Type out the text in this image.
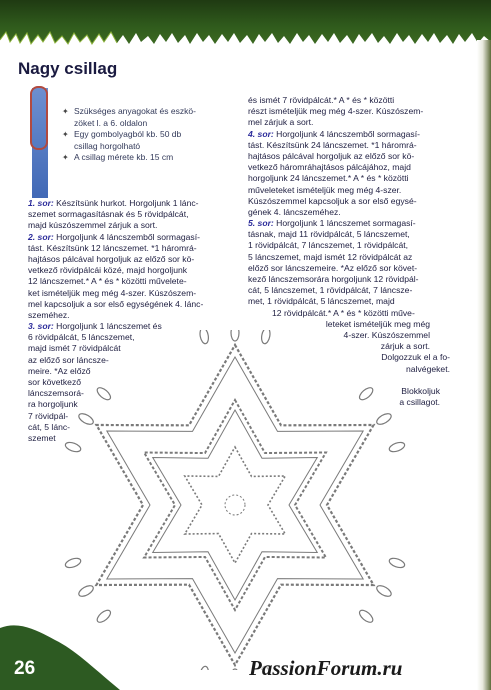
Nagy csillag
✦ Szükséges anyagokat és eszkö-
zöket l. a 6. oldalon
✦ Egy gombolyagból kb. 50 db
csillag horgolható
✦ A csillag mérete kb. 15 cm
1. sor: Készítsünk hurkot. Horgoljunk 1 lánc-
szemet sormagasításnak és 5 rövidpálcát,
majd kúszószemmel zárjuk a sort.
2. sor: Horgoljunk 4 láncszemből sormagasí-
tást. Készítsünk 12 láncszemet. *1 háromrá-
hajtásos pálcával horgoljuk az előző sor kö-
vetkező rövidpálcái közé, majd horgoljunk
12 láncszemet.* A * és * közötti művelete-
ket ismételjük meg még 4-szer. Kúszószem-
mel kapcsoljuk a sor első egységének 4. lánc-
szeméhez.
3. sor: Horgoljunk 1 láncszemet és
6 rövidpálcát, 5 láncszemet,
majd ismét 7 rövidpálcát
az előző sor láncsze-
meire. *Az előző
sor következő
láncszemsorá-
ra horgoljunk
7 rövidpál-
cát, 5 lánc-
szemet
és ismét 7 rövidpálcát.* A * és * közötti
részt ismételjük meg még 4-szer. Kúszószem-
mel zárjuk a sort.
4. sor: Horgoljunk 4 láncszemből sormagasí-
tást. Készítsünk 24 láncszemet. *1 háromrá-
hajtásos pálcával horgoljuk az előző sor kö-
vetkező háromráhajtásos pálcájához, majd
horgoljunk 24 láncszemet.* A * és * közötti
műveleteket ismételjük meg még 4-szer.
Kúszószemmel kapcsoljuk a sor első egysé-
gének 4. láncszeméhez.
5. sor: Horgoljunk 1 láncszemet sormagasí-
tásnak, majd 11 rövidpálcát, 5 láncszemet,
1 rövidpálcát, 7 láncszemet, 1 rövidpálcát,
5 láncszemet, majd ismét 12 rövidpálcát az
előző sor láncszemeire. *Az előző sor követ-
kező láncszemsorára horgoljunk 12 rövidpál-
cát, 5 láncszemet, 1 rövidpálcát, 7 láncsze-
met, 1 rövidpálcát, 5 láncszemet, majd
12 rövidpálcát.* A * és * közötti műve-
leteket ismételjük meg még
4-szer. Kúszószemmel
zárjuk a sort.
Dolgozzuk el a fo-
nalvégeket.
Blokkoljuk
a csillagot.
26	PassionForum.ru
